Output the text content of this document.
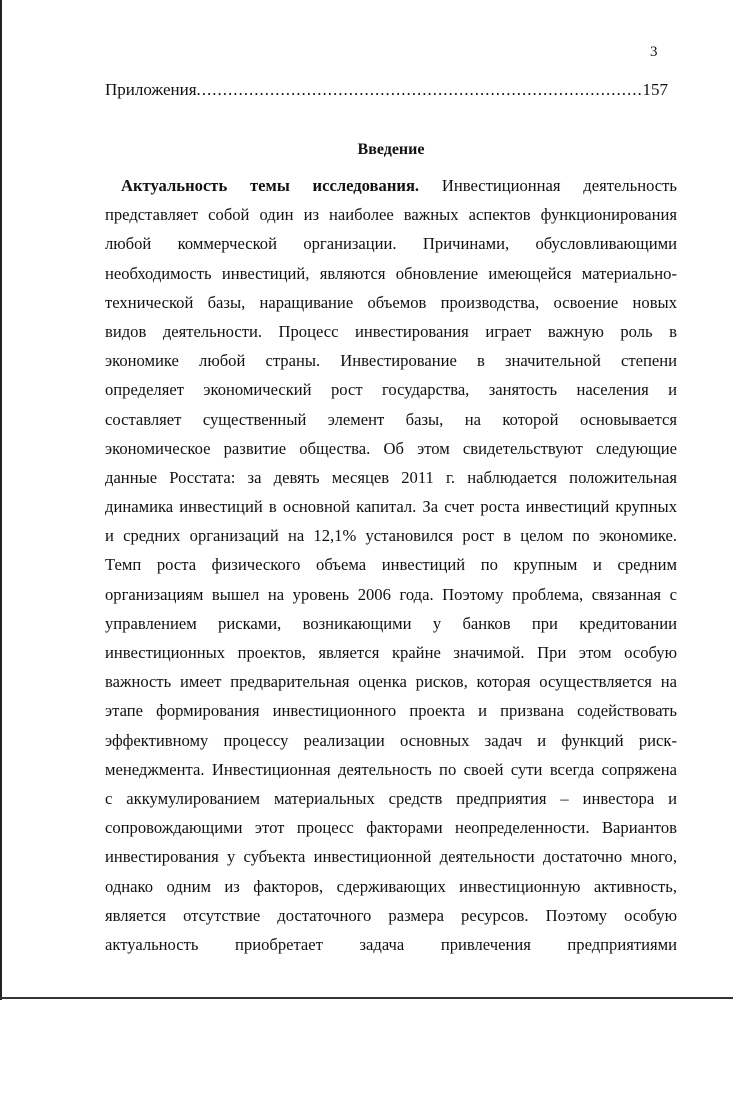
3
Приложения
.....	157
Введение
Актуальность темы исследования. Инвестиционная деятельность
представляет собой один из наиболее важных аспектов функционирования
любой коммерческой организации. Причинами, обусловливающими
необходимость инвестиций, являются обновление имеющейся материально-
технической базы, наращивание объемов производства, освоение новых
видов деятельности. Процесс инвестирования играет важную роль в
экономике любой страны. Инвестирование в значительной степени
определяет экономический рост государства, занятость населения и
составляет существенный элемент базы, на которой основывается
экономическое развитие общества. Об этом свидетельствуют следующие
данные Росстата: за девять месяцев 2011 г. наблюдается положительная
динамика инвестиций в основной капитал. За счет роста инвестиций крупных
и средних организаций на 12,1% установился рост в целом по экономике.
Темп роста физического объема инвестиций по крупным и средним
организациям вышел на уровень 2006 года. Поэтому проблема, связанная с
управлением рисками, возникающими у банков при кредитовании
инвестиционных проектов, является крайне значимой. При этом особую
важность имеет предварительная оценка рисков, которая осуществляется на
этапе формирования инвестиционного проекта и призвана содействовать
эффективному процессу реализации основных задач и функций риск-
менеджмента. Инвестиционная деятельность по своей сути всегда сопряжена
с аккумулированием материальных средств предприятия – инвестора и
сопровождающими этот процесс факторами неопределенности. Вариантов
инвестирования у субъекта инвестиционной деятельности достаточно много,
однако одним из факторов, сдерживающих инвестиционную активность,
является отсутствие достаточного размера ресурсов. Поэтому особую
актуальность приобретает задача привлечения предприятиями
